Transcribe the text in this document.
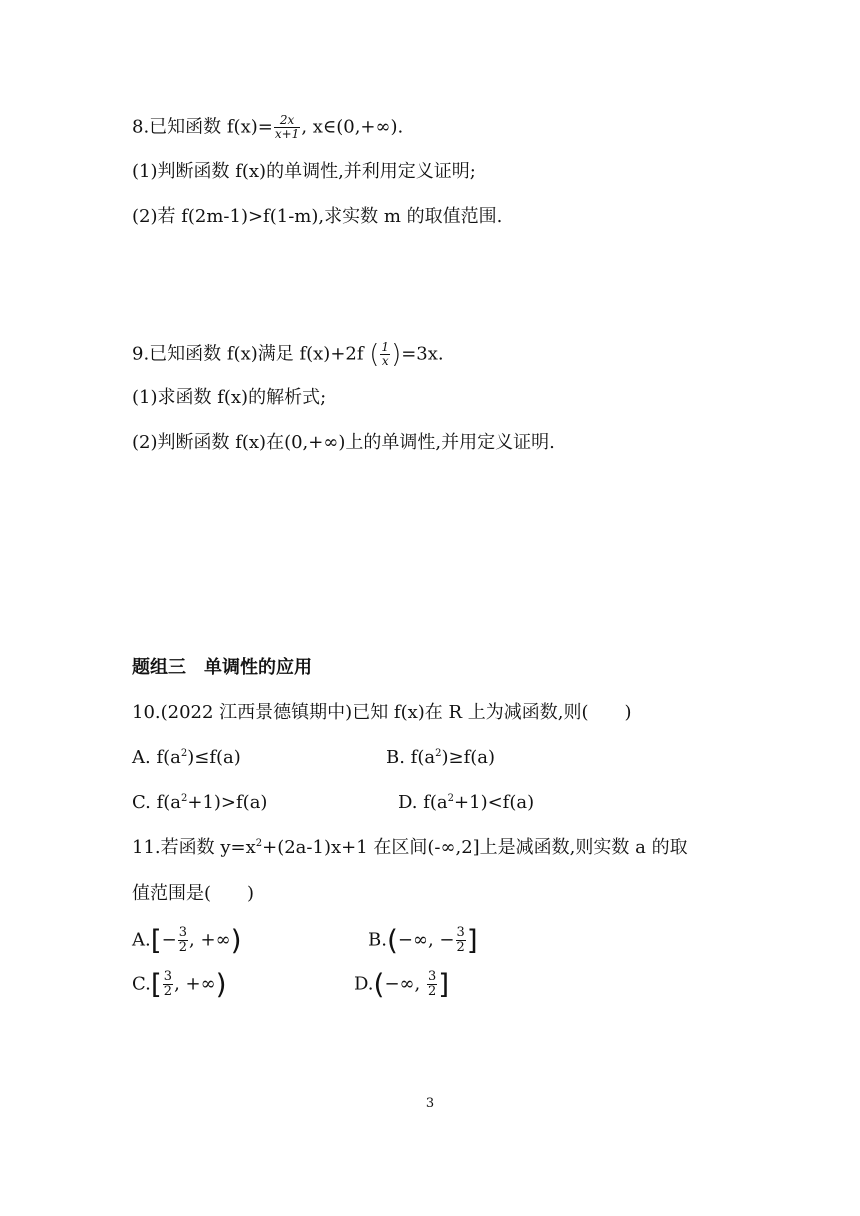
8.已知函数 $f(x)= \frac{2x}{x+1}$ , x∈(0,+∞).
(1)判断函数 f(x)的单调性,并利用定义证明;
(2)若 f(2m-1)>f(1-m),求实数 m 的取值范围.
9.已知函数 f(x)满足 f(x)+2f ( $\frac{1}{x} )=3x$.
(1)求函数 f(x)的解析式;
(2)判断函数 f(x)在(0,+∞)上的单调性,并用定义证明.
题组三　单调性的应用
10.(2022 江西景德镇期中)已知 f(x)在 R 上为减函数,则(　　)
A. $f(a^2)\le f(a)$	B. $f(a^2)\ge f(a)$
C. $f(a^2+1)>f(a)$	D. $f(a^2+1)<f(a)$
11.若函数 $y=x^2+(2a-1)x+1$ 在区间(-∞,2]上是减函数,则实数 a 的取
值范围是(　　)
$A.[- \frac{3}{2}$ , +∞)	B.(−∞, − $\frac{3}{2}$ ]
$C.[ \frac{3}{2}$ , +∞)	D.(−∞, $\frac{3}{2}$ ]
3
